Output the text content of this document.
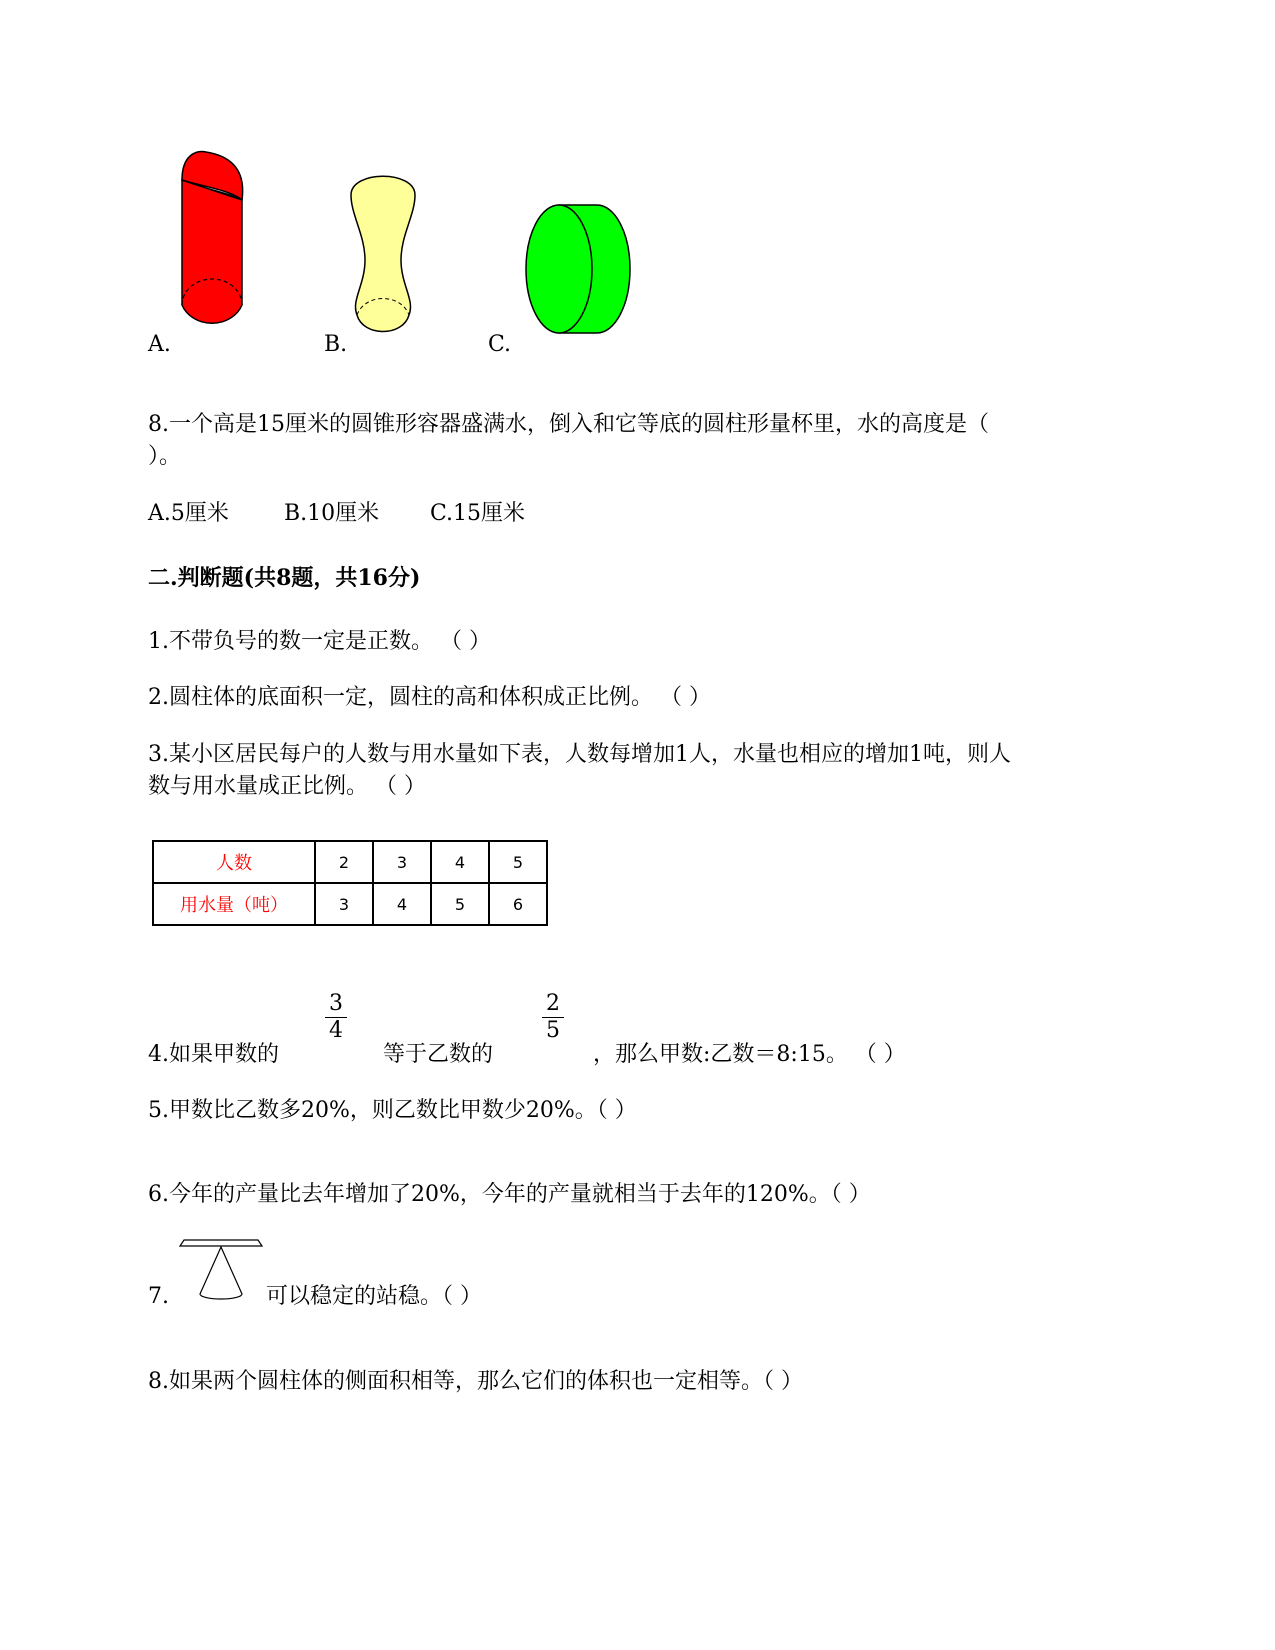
A.	B.	C.
8.一个高是15厘米的圆锥形容器盛满水，倒入和它等底的圆柱形量杯里，水的高度是（
）。
A.5厘米	B.10厘米 C.15厘米
二.判断题(共8题，共16分)
1.不带负号的数一定是正数。 （ ）
2.圆柱体的底面积一定，圆柱的高和体积成正比例。 （ ）
3.某小区居民每户的人数与用水量如下表，人数每增加1人，水量也相应的增加1吨，则人
数与用水量成正比例。 （ ）
人数	2	3	4	5
用水量（吨）	3	4	5	6
4.如果甲数的
3
4
等于乙数的
2
5
，那么甲数:乙数＝8:15。 （ ）
5.甲数比乙数多20%，则乙数比甲数少20%。（ ）
6.今年的产量比去年增加了20%，今年的产量就相当于去年的120%。（ ）
7.	可以稳定的站稳。（ ）
8.如果两个圆柱体的侧面积相等，那么它们的体积也一定相等。（ ）
